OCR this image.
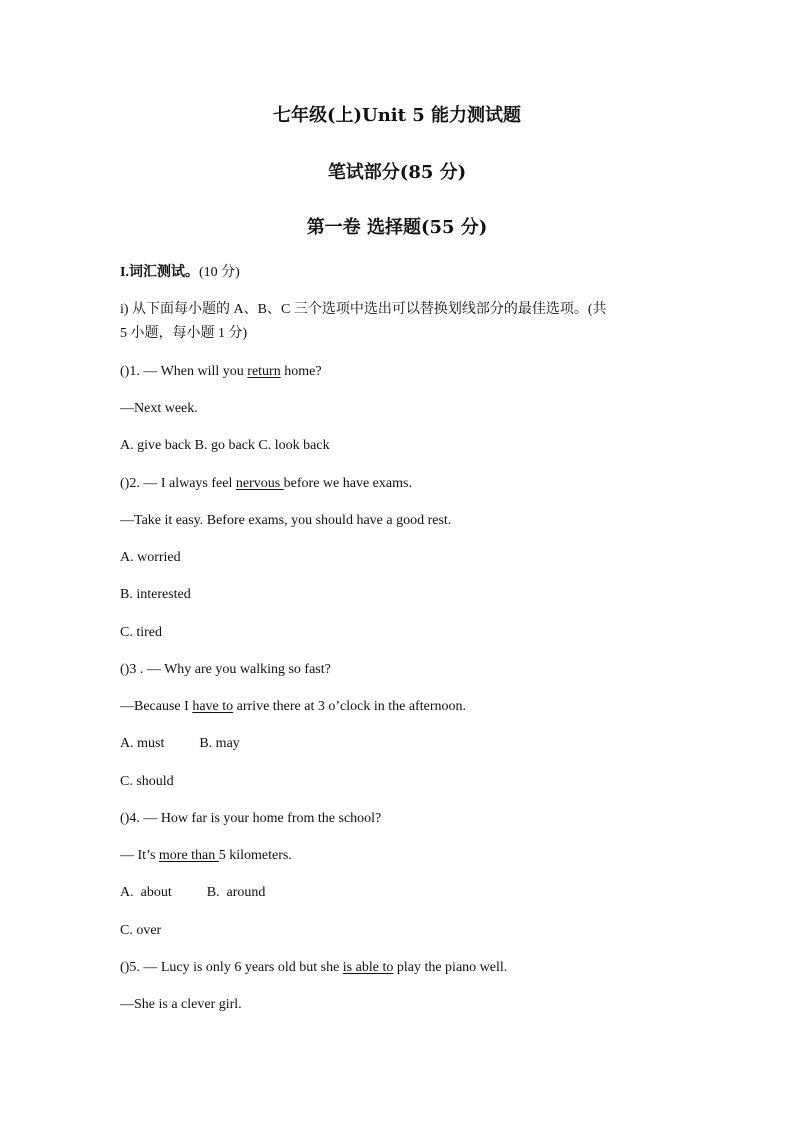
七年级(上)Unit 5 能力测试题
笔试部分(85 分)
第一卷 选择题(55 分)
I.词汇测试。(10 分)
i) 从下面每小题的 A、B、C 三个选项中选出可以替换划线部分的最佳选项。(共
5 小题，每小题 1 分)
()1. — When will you return home?
—Next week.
A. give back B. go back C. look back
()2. — I always feel nervous before we have exams.
—Take it easy. Before exams, you should have a good rest.
A. worried
B. interested
C. tired
()3 . — Why are you walking so fast?
—Because I have to arrive there at 3 o’clock in the afternoon.
A. must          B. may
C. should
()4. — How far is your home from the school?
— It’s more than 5 kilometers.
A.  about          B.  around
C. over
()5. — Lucy is only 6 years old but she is able to play the piano well.
—She is a clever girl.
